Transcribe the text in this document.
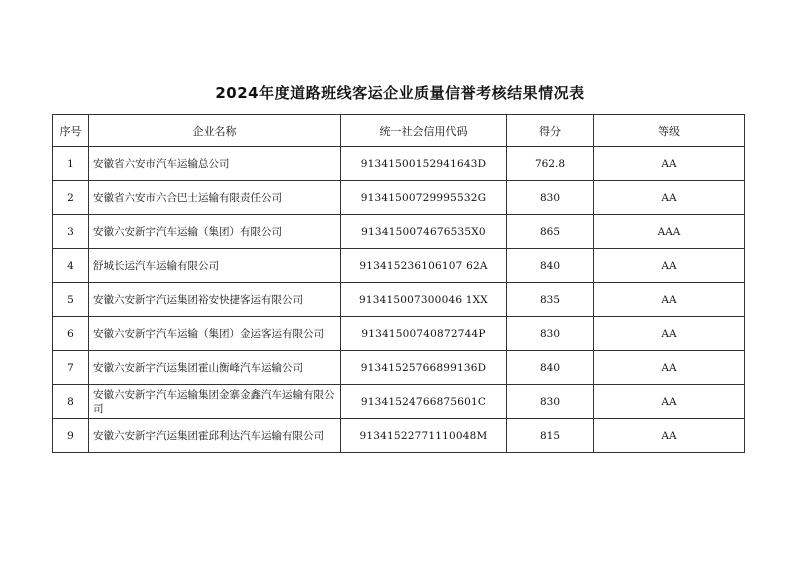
2024年度道路班线客运企业质量信誉考核结果情况表
序号	企业名称	统一社会信用代码	得分	等级
1	安徽省六安市汽车运输总公司	91341500152941643D	762.8	AA
2	安徽省六安市六合巴士运输有限责任公司	91341500729995532G	830	AA
3	安徽六安新宇汽车运输（集团）有限公司	9134150074676535X0	865	AAA
4	舒城长运汽车运输有限公司	913415236106107 62A	840	AA
5	安徽六安新宇汽运集团裕安快捷客运有限公司	913415007300046 1XX	835	AA
6	安徽六安新宇汽车运输（集团）金运客运有限公司	91341500740872744P	830	AA
7	安徽六安新宇汽运集团霍山衡峰汽车运输公司	91341525766899136D	840	AA
8	安徽六安新宇汽车运输集团金寨金鑫汽车运输有限公司	91341524766875601C	830	AA
9	安徽六安新宇汽运集团霍邱利达汽车运输有限公司	91341522771110048M	815	AA
